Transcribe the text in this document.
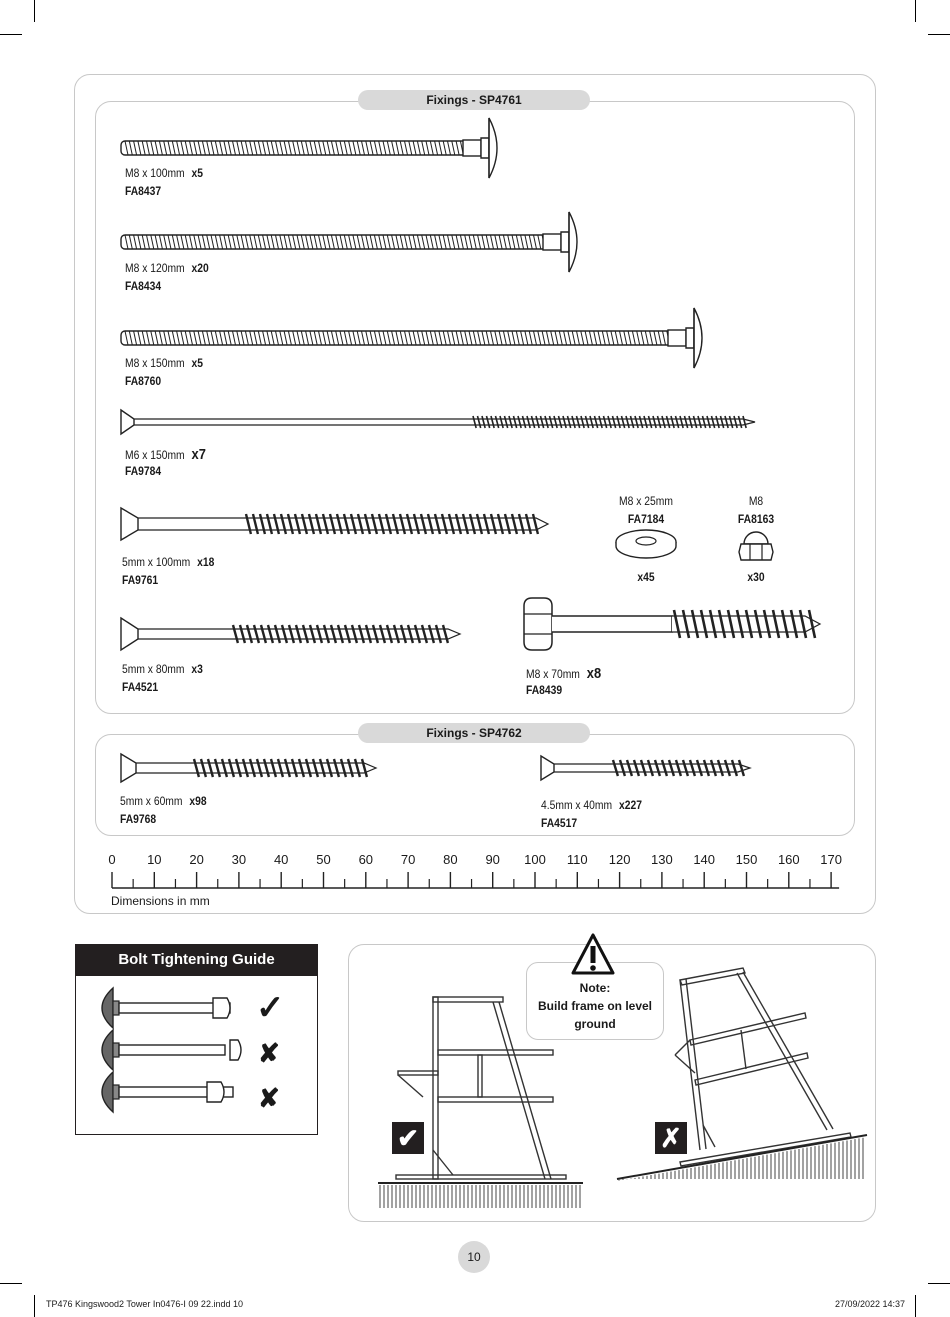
Fixings - SP4761
Fixings - SP4762
M8 x 100mm x5
FA8437
M8 x 120mm x20
FA8434
M8 x 150mm x5
FA8760
M6 x 150mm x7
FA9784
5mm x 100mm x18
FA9761
M8 x 25mm
FA7184
x45
M8
FA8163
x30
5mm x 80mm x3
FA4521
M8 x 70mm x8
FA8439
5mm x 60mm x98
FA9768
4.5mm x 40mm x227
FA4517
0	10	20	30	40	50	60	70	80	90	100	110	120	130	140	150	160	170
Dimensions in mm
Bolt Tightening Guide
✓
✘
✘
Note:
Build frame on level
ground
✔	✗
10
TP476 Kingswood2 Tower In0476-I 09 22.indd 10	27/09/2022 14:37
